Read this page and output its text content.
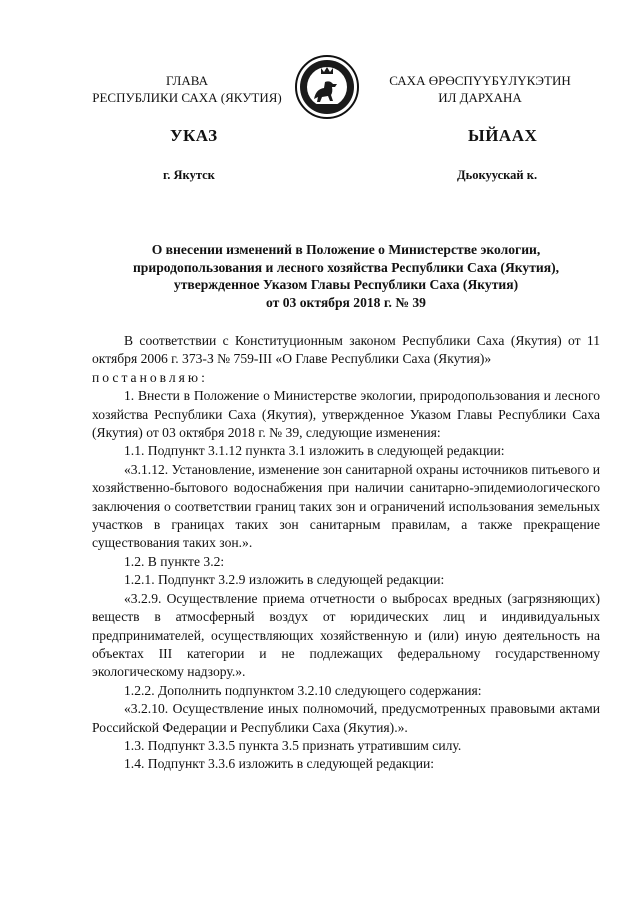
ГЛАВА
РЕСПУБЛИКИ САХА (ЯКУТИЯ)
САХА ӨРӨСПҮҮБҮЛҮКЭТИН
ИЛ ДАРХАНА
УКАЗ	ЫЙААХ
г. Якутск	Дьокуускай к.
О внесении изменений в Положение о Министерстве экологии,
природопользования и лесного хозяйства Республики Саха (Якутия),
утвержденное Указом Главы Республики Саха (Якутия)
от 03 октября 2018 г. № 39

В соответствии с Конституционным законом Республики Саха (Якутия) от 11 октября 2006 г. 373-З № 759-III «О Главе Республики Саха (Якутия)»

постановляю:

1. Внести в Положение о Министерстве экологии, природопользования и лесного хозяйства Республики Саха (Якутия), утвержденное Указом Главы Республики Саха (Якутия) от 03 октября 2018 г. № 39, следующие изменения:

1.1. Подпункт 3.1.12 пункта 3.1 изложить в следующей редакции:

«3.1.12. Установление, изменение зон санитарной охраны источников питьевого и хозяйственно-бытового водоснабжения при наличии санитарно-эпидемиологического заключения о соответствии границ таких зон и ограничений использования земельных участков в границах таких зон санитарным правилам, а также прекращение существования таких зон.».

1.2. В пункте 3.2:

1.2.1. Подпункт 3.2.9 изложить в следующей редакции:

«3.2.9. Осуществление приема отчетности о выбросах вредных (загрязняющих) веществ в атмосферный воздух от юридических лиц и индивидуальных предпринимателей, осуществляющих хозяйственную и (или) иную деятельность на объектах III категории и не подлежащих федеральному государственному экологическому надзору.».

1.2.2. Дополнить подпунктом 3.2.10 следующего содержания:

«3.2.10. Осуществление иных полномочий, предусмотренных правовыми актами Российской Федерации и Республики Саха (Якутия).».

1.3. Подпункт 3.3.5 пункта 3.5 признать утратившим силу.

1.4. Подпункт 3.3.6 изложить в следующей редакции:
